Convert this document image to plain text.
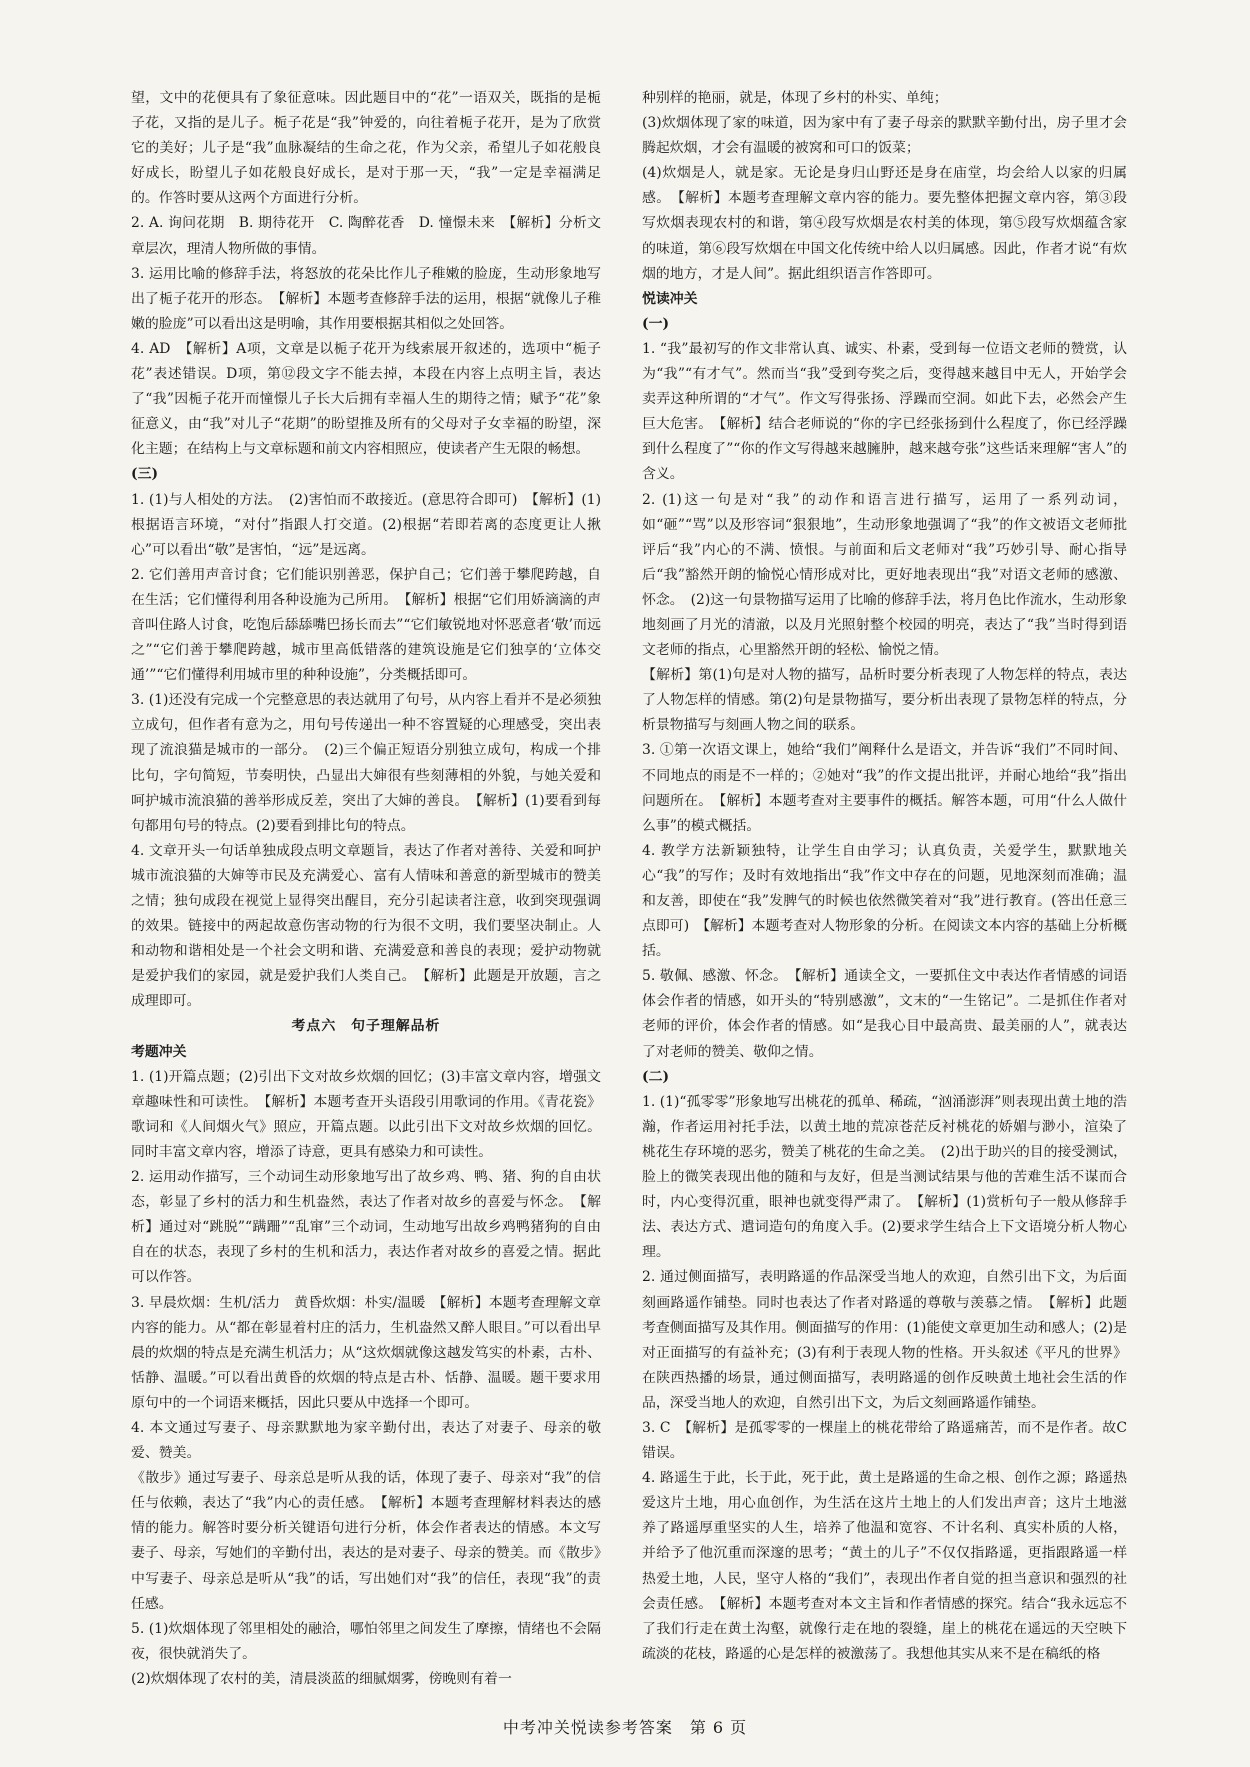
望，文中的花便具有了象征意味。因此题目中的“花”一语双关，既指的是栀子花，又指的是儿子。栀子花是“我”钟爱的，向往着栀子花开，是为了欣赏它的美好；儿子是“我”血脉凝结的生命之花，作为父亲，希望儿子如花般良好成长，盼望儿子如花般良好成长，是对于那一天，“我”一定是幸福满足的。作答时要从这两个方面进行分析。
2. A. 询问花期　B. 期待花开　C. 陶醉花香　D. 憧憬未来　【解析】分析文章层次，理清人物所做的事情。
3. 运用比喻的修辞手法，将怒放的花朵比作儿子稚嫩的脸庞，生动形象地写出了栀子花开的形态。　【解析】本题考查修辞手法的运用，根据“就像儿子稚嫩的脸庞”可以看出这是明喻，其作用要根据其相似之处回答。
4. AD　【解析】A项，文章是以栀子花开为线索展开叙述的，选项中“栀子花”表述错误。D项，第⑫段文字不能去掉，本段在内容上点明主旨，表达了“我”因栀子花开而憧憬儿子长大后拥有幸福人生的期待之情；赋予“花”象征意义，由“我”对儿子“花期”的盼望推及所有的父母对子女幸福的盼望，深化主题；在结构上与文章标题和前文内容相照应，使读者产生无限的畅想。
(三)
1. (1)与人相处的方法。　(2)害怕而不敢接近。(意思符合即可)　【解析】(1)根据语言环境，“对付”指跟人打交道。(2)根据“若即若离的态度更让人揪心”可以看出“敬”是害怕，“远”是远离。
2. 它们善用声音讨食；它们能识别善恶，保护自己；它们善于攀爬跨越，自在生活；它们懂得利用各种设施为己所用。　【解析】根据“它们用娇滴滴的声音叫住路人讨食，吃饱后舔舔嘴巴扬长而去”“它们敏锐地对怀恶意者‘敬’而远之”“它们善于攀爬跨越，城市里高低错落的建筑设施是它们独享的‘立体交通’”“它们懂得利用城市里的种种设施”，分类概括即可。
3. (1)还没有完成一个完整意思的表达就用了句号，从内容上看并不是必须独立成句，但作者有意为之，用句号传递出一种不容置疑的心理感受，突出表现了流浪猫是城市的一部分。　(2)三个偏正短语分别独立成句，构成一个排比句，字句简短，节奏明快，凸显出大婶很有些刻薄相的外貌，与她关爱和呵护城市流浪猫的善举形成反差，突出了大婶的善良。　【解析】(1)要看到每句都用句号的特点。(2)要看到排比句的特点。
4. 文章开头一句话单独成段点明文章题旨，表达了作者对善待、关爱和呵护城市流浪猫的大婶等市民及充满爱心、富有人情味和善意的新型城市的赞美之情；独句成段在视觉上显得突出醒目，充分引起读者注意，收到突现强调的效果。链接中的两起故意伤害动物的行为很不文明，我们要坚决制止。人和动物和谐相处是一个社会文明和谐、充满爱意和善良的表现；爱护动物就是爱护我们的家园，就是爱护我们人类自己。　【解析】此题是开放题，言之成理即可。
考点六　句子理解品析
考题冲关
1. (1)开篇点题；(2)引出下文对故乡炊烟的回忆；(3)丰富文章内容，增强文章趣味性和可读性。　【解析】本题考查开头语段引用歌词的作用。《青花瓷》歌词和《人间烟火气》照应，开篇点题。以此引出下文对故乡炊烟的回忆。同时丰富文章内容，增添了诗意，更具有感染力和可读性。
2. 运用动作描写，三个动词生动形象地写出了故乡鸡、鸭、猪、狗的自由状态，彰显了乡村的活力和生机盎然，表达了作者对故乡的喜爱与怀念。　【解析】通过对“跳脱”“蹒跚”“乱窜”三个动词，生动地写出故乡鸡鸭猪狗的自由自在的状态，表现了乡村的生机和活力，表达作者对故乡的喜爱之情。据此可以作答。
3. 早晨炊烟：生机/活力　黄昏炊烟：朴实/温暖　【解析】本题考查理解文章内容的能力。从“都在彰显着村庄的活力，生机盎然又醉人眼目。”可以看出早晨的炊烟的特点是充满生机活力；从“这炊烟就像这越发笃实的朴素，古朴、恬静、温暖。”可以看出黄昏的炊烟的特点是古朴、恬静、温暖。题干要求用原句中的一个词语来概括，因此只要从中选择一个即可。
4. 本文通过写妻子、母亲默默地为家辛勤付出，表达了对妻子、母亲的敬爱、赞美。
《散步》通过写妻子、母亲总是听从我的话，体现了妻子、母亲对“我”的信任与依赖，表达了“我”内心的责任感。　【解析】本题考查理解材料表达的感情的能力。解答时要分析关键语句进行分析，体会作者表达的情感。本文写妻子、母亲，写她们的辛勤付出，表达的是对妻子、母亲的赞美。而《散步》中写妻子、母亲总是听从“我”的话，写出她们对“我”的信任，表现“我”的责任感。
5. (1)炊烟体现了邻里相处的融洽，哪怕邻里之间发生了摩擦，情绪也不会隔夜，很快就消失了。
(2)炊烟体现了农村的美，清晨淡蓝的细腻烟雾，傍晚则有着一
种别样的艳丽，就是，体现了乡村的朴实、单纯；
(3)炊烟体现了家的味道，因为家中有了妻子母亲的默默辛勤付出，房子里才会腾起炊烟，才会有温暖的被窝和可口的饭菜；
(4)炊烟是人，就是家。无论是身归山野还是身在庙堂，均会给人以家的归属感。　【解析】本题考查理解文章内容的能力。要先整体把握文章内容，第③段写炊烟表现农村的和谐，第④段写炊烟是农村美的体现，第⑤段写炊烟蕴含家的味道，第⑥段写炊烟在中国文化传统中给人以归属感。因此，作者才说“有炊烟的地方，才是人间”。据此组织语言作答即可。
悦读冲关
(一)
1. “我”最初写的作文非常认真、诚实、朴素，受到每一位语文老师的赞赏，认为“我”“有才气”。然而当“我”受到夸奖之后，变得越来越目中无人，开始学会卖弄这种所谓的“才气”。作文写得张扬、浮躁而空洞。如此下去，必然会产生巨大危害。　【解析】结合老师说的“你的字已经张扬到什么程度了，你已经浮躁到什么程度了”“你的作文写得越来越臃肿，越来越夸张”这些话来理解“害人”的含义。
2. (1)这一句是对“我”的动作和语言进行描写，运用了一系列动词，如“砸”“骂”以及形容词“狠狠地”，生动形象地强调了“我”的作文被语文老师批评后“我”内心的不满、愤恨。与前面和后文老师对“我”巧妙引导、耐心指导后“我”豁然开朗的愉悦心情形成对比，更好地表现出“我”对语文老师的感激、怀念。　(2)这一句景物描写运用了比喻的修辞手法，将月色比作流水，生动形象地刻画了月光的清澈，以及月光照射整个校园的明亮，表达了“我”当时得到语文老师的指点，心里豁然开朗的轻松、愉悦之情。
【解析】第(1)句是对人物的描写，品析时要分析表现了人物怎样的特点，表达了人物怎样的情感。第(2)句是景物描写，要分析出表现了景物怎样的特点，分析景物描写与刻画人物之间的联系。
3. ①第一次语文课上，她给“我们”阐释什么是语文，并告诉“我们”不同时间、不同地点的雨是不一样的；②她对“我”的作文提出批评，并耐心地给“我”指出问题所在。　【解析】本题考查对主要事件的概括。解答本题，可用“什么人做什么事”的模式概括。
4. 教学方法新颖独特，让学生自由学习；认真负责，关爱学生，默默地关心“我”的写作；及时有效地指出“我”作文中存在的问题，见地深刻而准确；温和友善，即使在“我”发脾气的时候也依然微笑着对“我”进行教育。(答出任意三点即可)　【解析】本题考查对人物形象的分析。在阅读文本内容的基础上分析概括。
5. 敬佩、感激、怀念。　【解析】通读全文，一要抓住文中表达作者情感的词语体会作者的情感，如开头的“特别感激”，文末的“一生铭记”。二是抓住作者对老师的评价，体会作者的情感。如“是我心目中最高贵、最美丽的人”，就表达了对老师的赞美、敬仰之情。
(二)
1. (1)“孤零零”形象地写出桃花的孤单、稀疏，“汹涌澎湃”则表现出黄土地的浩瀚，作者运用衬托手法，以黄土地的荒凉苍茫反衬桃花的娇媚与渺小，渲染了桃花生存环境的恶劣，赞美了桃花的生命之美。　(2)出于助兴的目的接受测试，脸上的微笑表现出他的随和与友好，但是当测试结果与他的苦难生活不谋而合时，内心变得沉重，眼神也就变得严肃了。　【解析】(1)赏析句子一般从修辞手法、表达方式、遣词造句的角度入手。(2)要求学生结合上下文语境分析人物心理。
2. 通过侧面描写，表明路遥的作品深受当地人的欢迎，自然引出下文，为后面刻画路遥作铺垫。同时也表达了作者对路遥的尊敬与羡慕之情。　【解析】此题考查侧面描写及其作用。侧面描写的作用：(1)能使文章更加生动和感人；(2)是对正面描写的有益补充；(3)有利于表现人物的性格。开头叙述《平凡的世界》在陕西热播的场景，通过侧面描写，表明路遥的创作反映黄土地社会生活的作品，深受当地人的欢迎，自然引出下文，为后文刻画路遥作铺垫。
3. C　【解析】是孤零零的一棵崖上的桃花带给了路遥痛苦，而不是作者。故C错误。
4. 路遥生于此，长于此，死于此，黄土是路遥的生命之根、创作之源；路遥热爱这片土地，用心血创作，为生活在这片土地上的人们发出声音；这片土地滋养了路遥厚重坚实的人生，培养了他温和宽容、不计名利、真实朴质的人格，并给予了他沉重而深邃的思考；“黄土的儿子”不仅仅指路遥，更指跟路遥一样热爱土地，人民，坚守人格的“我们”，表现出作者自觉的担当意识和强烈的社会责任感。　【解析】本题考查对本文主旨和作者情感的探究。结合“我永远忘不了我们行走在黄土沟壑，就像行走在地的裂缝，崖上的桃花在遥远的天空映下疏淡的花枝，路遥的心是怎样的被激荡了。我想他其实从来不是在稿纸的格
中考冲关悦读参考答案　第 6 页
